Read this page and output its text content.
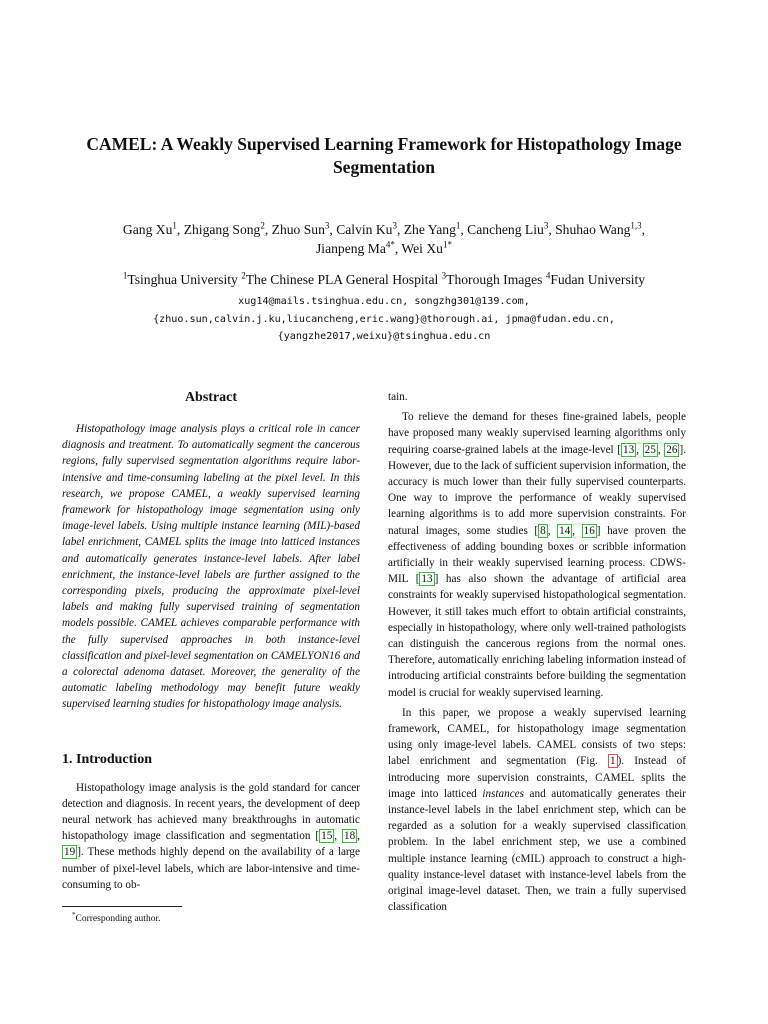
CAMEL: A Weakly Supervised Learning Framework for Histopathology Image
Segmentation
Gang Xu$^1$, Zhigang Song$^2$, Zhuo Sun$^3$, Calvin Ku$^3$, Zhe Yang$^1$, Cancheng Liu$^3$, Shuhao Wang$^{1,3}$,
Jianpeng $Ma^{4*}$, Wei $Xu^{1*}$
$^1$Tsinghua University $^2$The Chinese PLA General Hospital $^3$Thorough Images $^4$Fudan University
xug14@mails.tsinghua.edu.cn, songzhg301@139.com,
{zhuo.sun,calvin.j.ku,liucancheng,eric.wang}@thorough.ai, jpma@fudan.edu.cn,
{yangzhe2017,weixu}@tsinghua.edu.cn
Abstract

Histopathology image analysis plays a critical role in cancer diagnosis and treatment. To automatically segment the cancerous regions, fully supervised segmentation algorithms require labor-intensive and time-consuming labeling at the pixel level. In this research, we propose CAMEL, a weakly supervised learning framework for histopathology image segmentation using only image-level labels. Using multiple instance learning (MIL)-based label enrichment, CAMEL splits the image into latticed instances and automatically generates instance-level labels. After label enrichment, the instance-level labels are further assigned to the corresponding pixels, producing the approximate pixel-level labels and making fully supervised training of segmentation models possible. CAMEL achieves comparable performance with the fully supervised approaches in both instance-level classification and pixel-level segmentation on CAMELYON16 and a colorectal adenoma dataset. Moreover, the generality of the automatic labeling methodology may benefit future weakly supervised learning studies for histopathology image analysis.

1. Introduction

Histopathology image analysis is the gold standard for cancer detection and diagnosis. In recent years, the development of deep neural network has achieved many breakthroughs in automatic histopathology image classification and segmentation [ 15 , 18 , 19 ]. These methods highly depend on the availability of a large number of pixel-level labels, which are labor-intensive and time-consuming to ob-

tain.

To relieve the demand for theses fine-grained labels, people have proposed many weakly supervised learning algorithms only requiring coarse-grained labels at the image-level [ 13 , 25 , 26 ]. However, due to the lack of sufficient supervision information, the accuracy is much lower than their fully supervised counterparts. One way to improve the performance of weakly supervised learning algorithms is to add more supervision constraints. For natural images, some studies [ 8 , 14 , 16 ] have proven the effectiveness of adding bounding boxes or scribble information artificially in their weakly supervised learning process. CDWS-MIL [ 13 ] has also shown the advantage of artificial area constraints for weakly supervised histopathological segmentation. However, it still takes much effort to obtain artificial constraints, especially in histopathology, where only well-trained pathologists can distinguish the cancerous regions from the normal ones. Therefore, automatically enriching labeling information instead of introducing artificial constraints before building the segmentation model is crucial for weakly supervised learning.

In this paper, we propose a weakly supervised learning framework, CAMEL, for histopathology image segmentation using only image-level labels. CAMEL consists of two steps: label enrichment and segmentation (Fig. 1 ). Instead of introducing more supervision constraints, CAMEL splits the image into latticed instances and automatically generates their instance-level labels in the label enrichment step, which can be regarded as a solution for a weakly supervised classification problem. In the label enrichment step, we use a combined multiple instance learning (cMIL) approach to construct a high-quality instance-level dataset with instance-level labels from the original image-level dataset. Then, we train a fully supervised classification

*Corresponding author.
